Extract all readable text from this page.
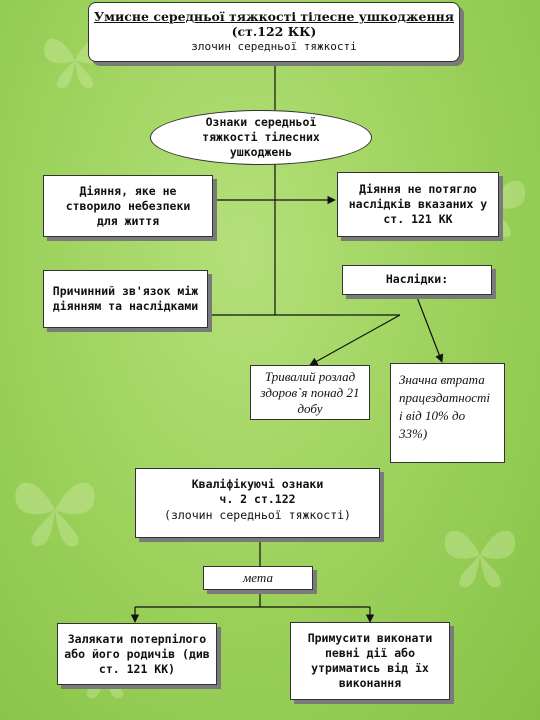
Умисне середньої тяжкості тілесне ушкодження
(ст.122 КК)
злочин середньої тяжкості
Ознаки середньої тяжкості тілесних ушкоджень
Діяння, яке не створило небезпеки для життя
Діяння не потягло наслідків вказаних у ст. 121 КК
Причинний зв'язок між діянням та наслідками
Наслідки:
Тривалий розлад здоров`я понад 21 добу
Значна втрата працездатності і від 10% до 33%)
Кваліфікуючі ознаки
ч. 2 ст.122
(злочин середньої тяжкості)
мета
Залякати потерпілого або його родичів (див ст. 121 КК)
Примусити виконати певні дії або утриматись від їх виконання
